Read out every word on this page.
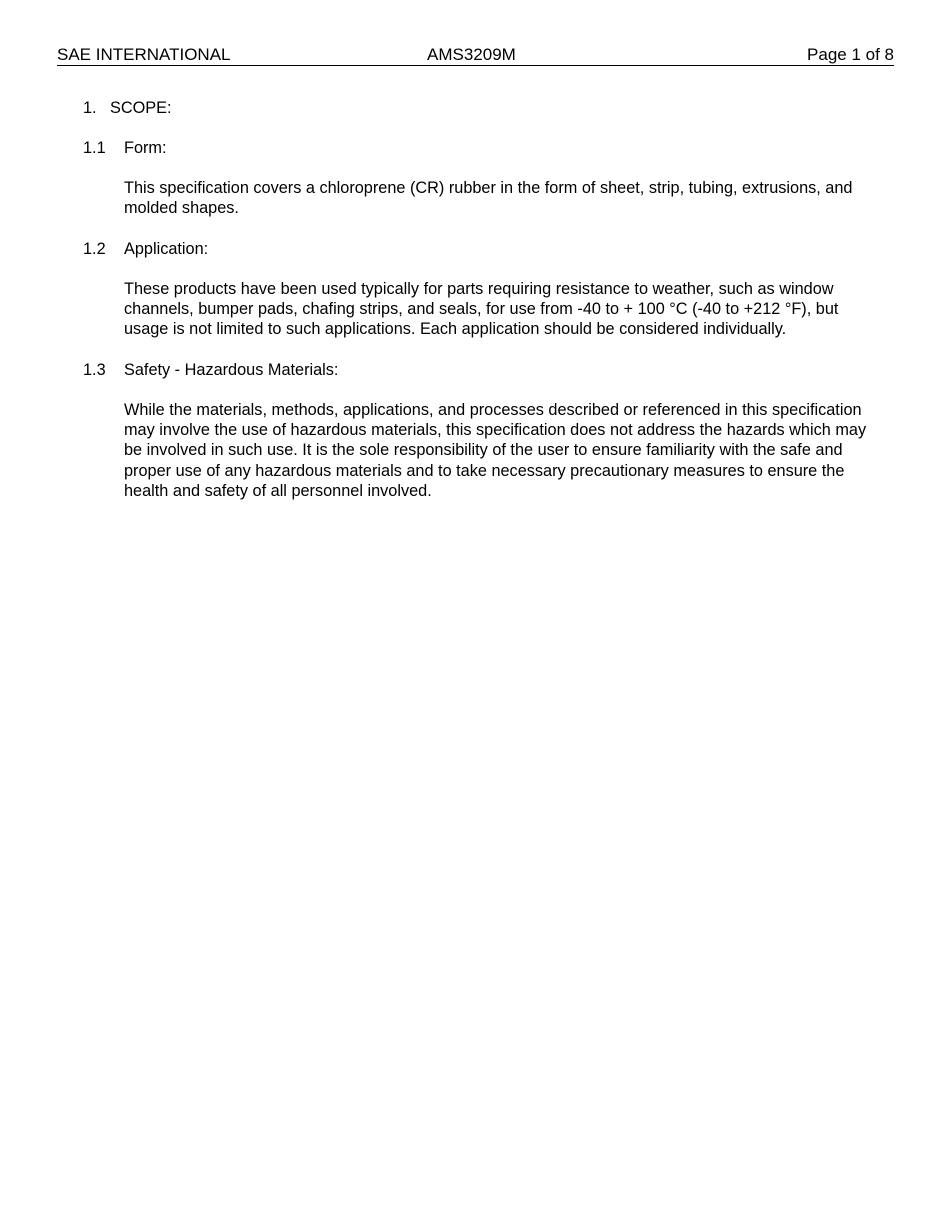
SAE INTERNATIONAL	AMS3209M	Page 1 of 8
1. SCOPE:
1.1 Form:
This specification covers a chloroprene (CR) rubber in the form of sheet, strip, tubing, extrusions, and molded shapes.
1.2 Application:
These products have been used typically for parts requiring resistance to weather, such as window channels, bumper pads, chafing strips, and seals, for use from -40 to + 100 °C (-40 to +212 °F), but usage is not limited to such applications. Each application should be considered individually.
1.3 Safety - Hazardous Materials:
While the materials, methods, applications, and processes described or referenced in this specification may involve the use of hazardous materials, this specification does not address the hazards which may be involved in such use. It is the sole responsibility of the user to ensure familiarity with the safe and proper use of any hazardous materials and to take necessary precautionary measures to ensure the health and safety of all personnel involved.
